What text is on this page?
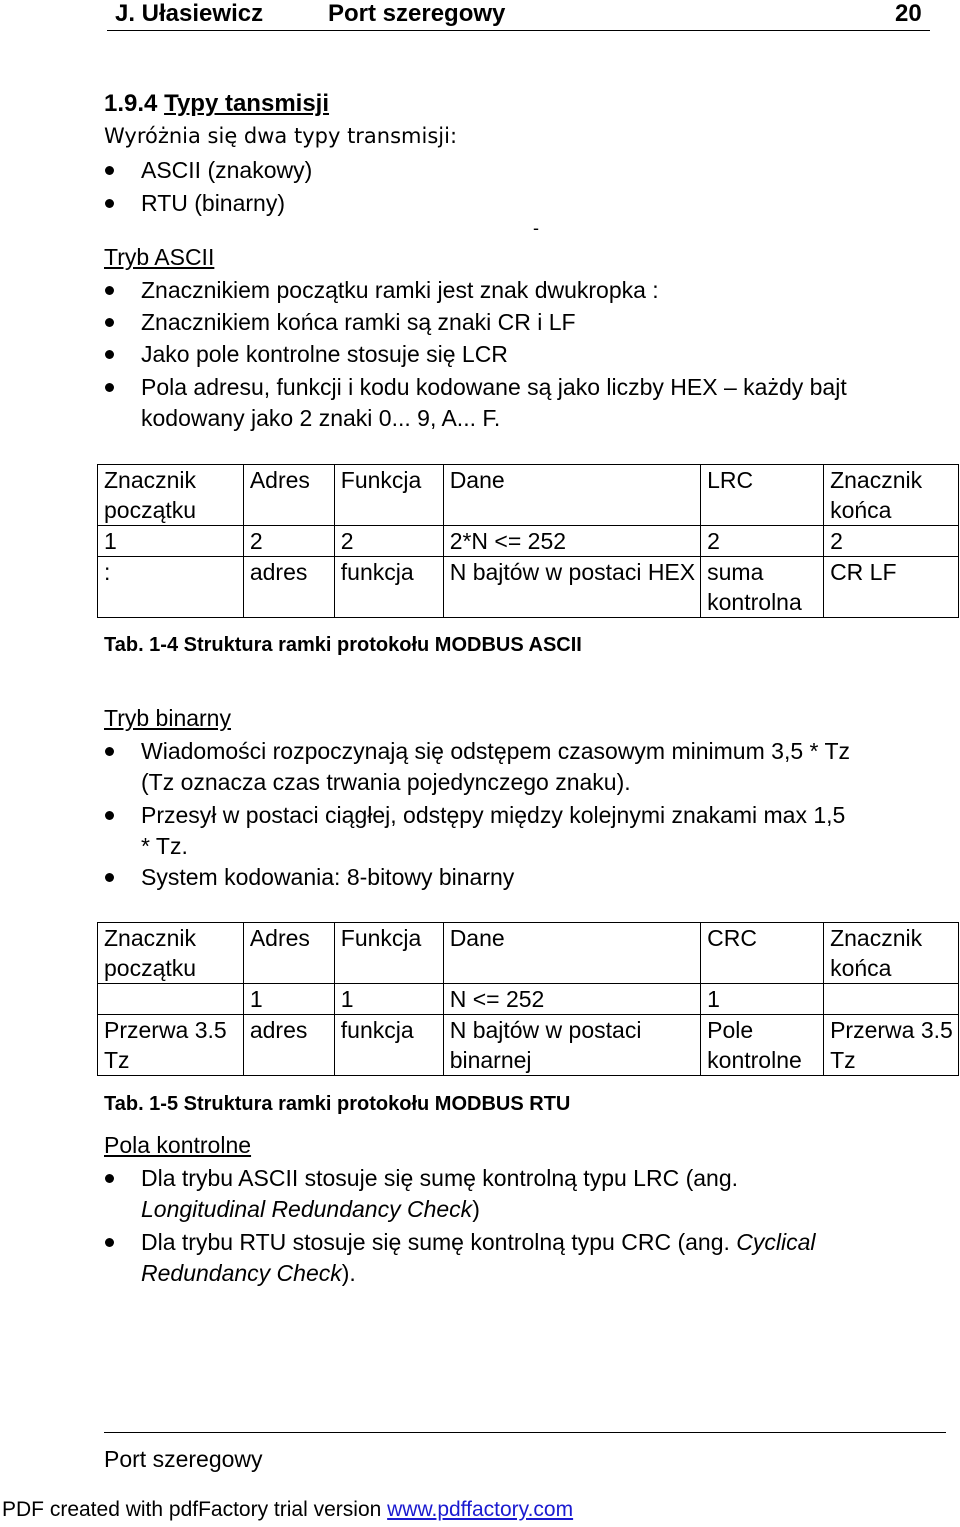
J. Ułasiewicz	Port szeregowy	20
1.9.4 Typy tansmisji
Wyróżnia się dwa typy transmisji:
ASCII (znakowy)
RTU (binarny)
-
Tryb ASCII
Znacznikiem początku ramki jest znak dwukropka :
Znacznikiem końca ramki są znaki CR i LF
Jako pole kontrolne stosuje się LCR
Pola adresu, funkcji i kodu kodowane są jako liczby HEX – każdy bajt
kodowany jako 2 znaki 0... 9, A... F.
Znacznik początku	Adres	Funkcja	Dane	LRC	Znacznik końca
1	2	2	2*N <= 252	2	2
:	adres	funkcja	N bajtów w postaci HEX	suma kontrolna	CR LF
Tab. 1-4 Struktura ramki protokołu MODBUS ASCII
Tryb binarny
Wiadomości rozpoczynają się odstępem czasowym minimum 3,5 * Tz
(Tz oznacza czas trwania pojedynczego znaku).
Przesył w postaci ciągłej, odstępy między kolejnymi znakami max 1,5
* Tz.
System kodowania: 8-bitowy binarny
Znacznik początku	Adres	Funkcja	Dane	CRC	Znacznik końca
	1	1	N <= 252	1	
Przerwa 3.5 Tz	adres	funkcja	N bajtów w postaci binarnej	Pole kontrolne	Przerwa 3.5 Tz
Tab. 1-5 Struktura ramki protokołu MODBUS RTU
Pola kontrolne
Dla trybu ASCII stosuje się sumę kontrolną typu LRC (ang.
Longitudinal Redundancy Check)
Dla trybu RTU stosuje się sumę kontrolną typu CRC (ang. Cyclical
Redundancy Check).
Port szeregowy
PDF created with pdfFactory trial version www.pdffactory.com
